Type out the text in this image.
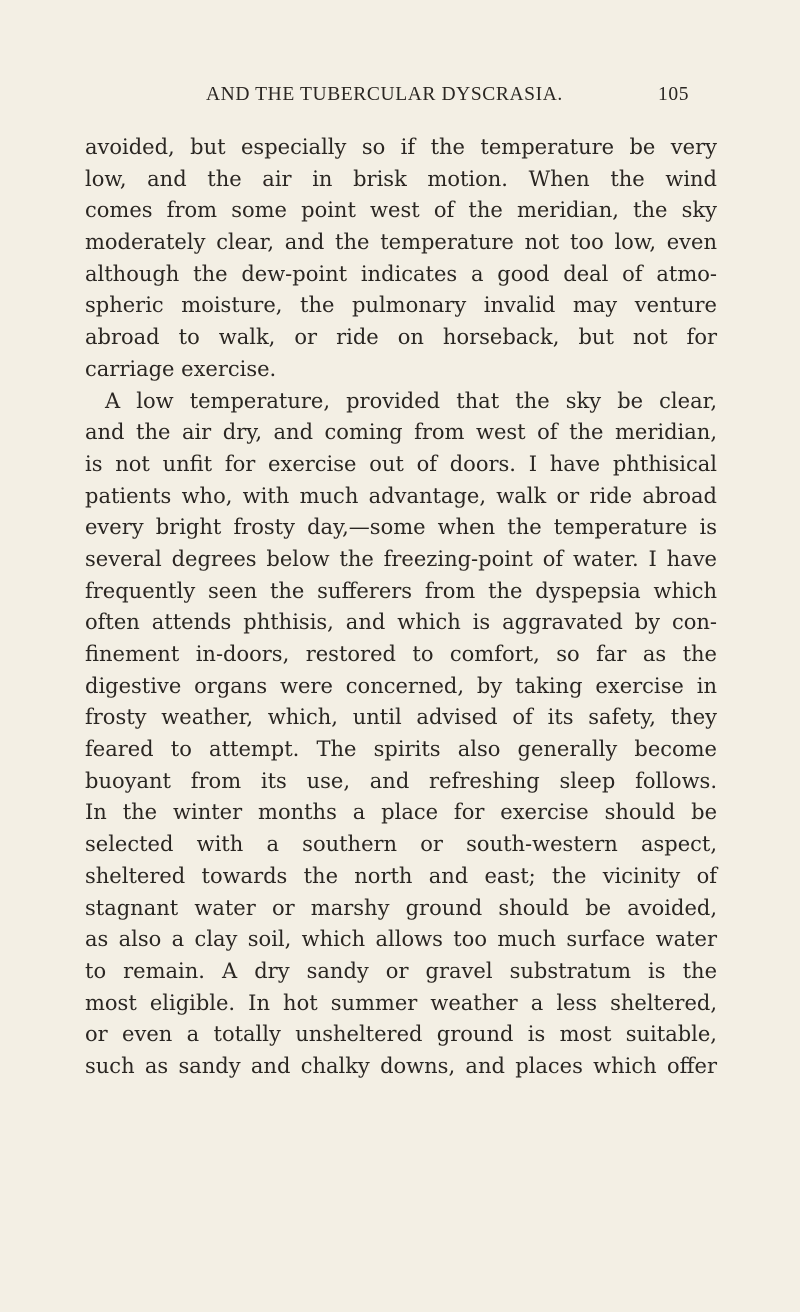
AND THE TUBERCULAR DYSCRASIA.	105
avoided, but especially so if the temperature be very
low, and the air in brisk motion. When the wind
comes from some point west of the meridian, the sky
moderately clear, and the temperature not too low, even
although the dew-point indicates a good deal of atmo-
spheric moisture, the pulmonary invalid may venture
abroad to walk, or ride on horseback, but not for
carriage exercise.
A low temperature, provided that the sky be clear,
and the air dry, and coming from west of the meridian,
is not unfit for exercise out of doors. I have phthisical
patients who, with much advantage, walk or ride abroad
every bright frosty day,—some when the temperature is
several degrees below the freezing-point of water. I have
frequently seen the sufferers from the dyspepsia which
often attends phthisis, and which is aggravated by con-
finement in-doors, restored to comfort, so far as the
digestive organs were concerned, by taking exercise in
frosty weather, which, until advised of its safety, they
feared to attempt. The spirits also generally become
buoyant from its use, and refreshing sleep follows.
In the winter months a place for exercise should be
selected with a southern or south-western aspect,
sheltered towards the north and east; the vicinity of
stagnant water or marshy ground should be avoided,
as also a clay soil, which allows too much surface water
to remain. A dry sandy or gravel substratum is the
most eligible. In hot summer weather a less sheltered,
or even a totally unsheltered ground is most suitable,
such as sandy and chalky downs, and places which offer
